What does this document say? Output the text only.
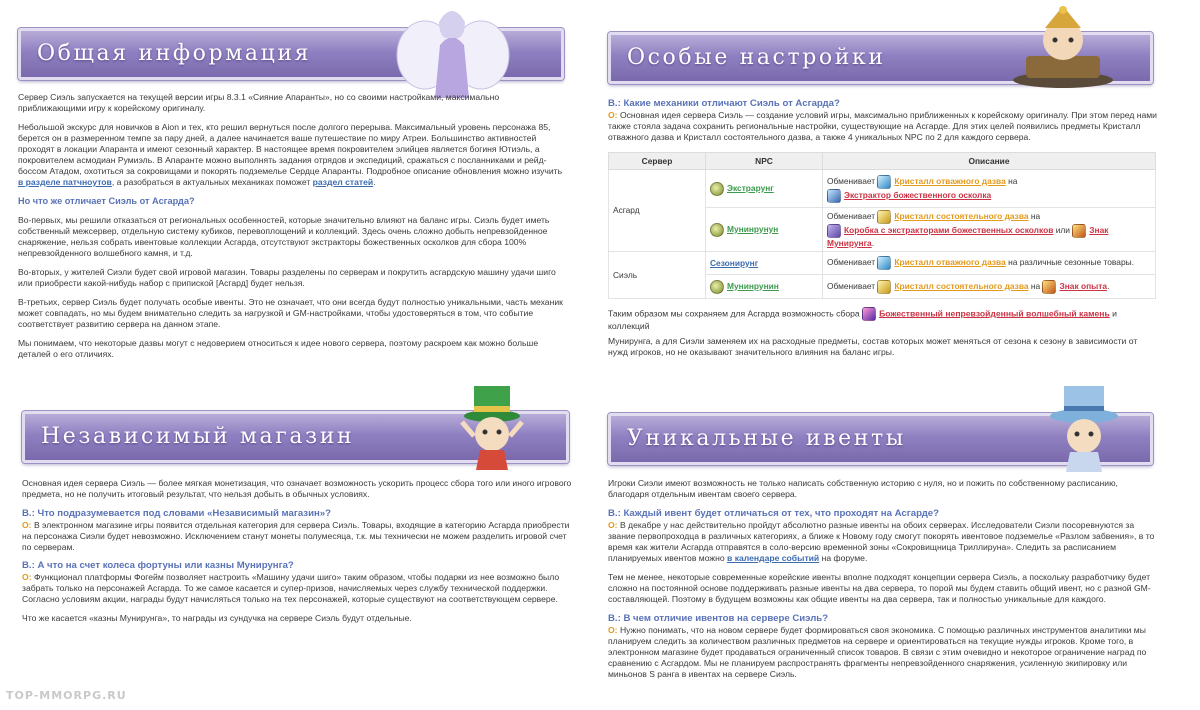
Общая информация

Сервер Сиэль запускается на текущей версии игры 8.3.1 «Сияние Апаранты», но со своими настройками, максимально приближающими игру к корейскому оригиналу.

Небольшой экскурс для новичков в Aion и тех, кто решил вернуться после долгого перерыва. Максимальный уровень персонажа 85, берется он в размеренном темпе за пару дней, а далее начинается ваше путешествие по миру Атреи. Большинство активностей проходят в локации Апаранта и имеют сезонный характер. В настоящее время покровителем элийцев является богиня Ютиэль, а покровителем асмодиан Румиэль. В Апаранте можно выполнять задания отрядов и экспедиций, сражаться с посланниками и рейд-боссом Атадом, охотиться за сокровищами и покорять подземелье Сердце Апаранты. Подробное описание обновления можно изучить в разделе патчноутов, а разобраться в актуальных механиках поможет раздел статей.

Но что же отличает Сиэль от Асгарда?

Во-первых, мы решили отказаться от региональных особенностей, которые значительно влияют на баланс игры. Сиэль будет иметь собственный межсервер, отдельную систему кубиков, перевоплощений и коллекций. Здесь очень сложно добыть непревзойденное снаряжение, нельзя собрать ивентовые коллекции Асгарда, отсутствуют экстракторы божественных осколков для сбора 100% непревзойденного волшебного камня, и т.д.

Во-вторых, у жителей Сиэли будет свой игровой магазин. Товары разделены по серверам и покрутить асгардскую машину удачи шиго или приобрести какой-нибудь набор с припиской [Асгард] будет нельзя.

В-третьих, сервер Сиэль будет получать особые ивенты. Это не означает, что они всегда будут полностью уникальными, часть механик может совпадать, но мы будем внимательно следить за нагрузкой и GM-настройками, чтобы удостоверяться в том, что событие соответствует развитию сервера на данном этапе.

Мы понимаем, что некоторые дазвы могут с недоверием относиться к идее нового сервера, поэтому раскроем как можно больше деталей о его отличиях.

Особые настройки

В.: Какие механики отличают Сиэль от Асгарда?

О: Основная идея сервера Сиэль — создание условий игры, максимально приближенных к корейскому оригиналу. При этом перед нами также стояла задача сохранить региональные настройки, существующие на Асгарде. Для этих целей появились предметы Кристалл отважного дазва и Кристалл состоятельного дазва, а также 4 уникальных NPC по 2 для каждого сервера.

Сервер	NPC	Описание
Асгард	Экстрарунг	Обменивает Кристалл отважного дазва на
Экстрактор божественного осколка
	Мунинрунун	Обменивает Кристалл состоятельного дазва на
Коробка с экстракторами божественных осколков или Знак Мунирунга.
Сиэль	Сезонирунг	Обменивает Кристалл отважного дазва на различные сезонные товары.
	Мунинрунин	Обменивает Кристалл состоятельного дазва на Знак опыта.

Таким образом мы сохраняем для Асгарда возможность сбора Божественный непревзойденный волшебный камень и коллекций

Мунирунга, а для Сиэли заменяем их на расходные предметы, состав которых может меняться от сезона к сезону в зависимости от нужд игроков, но не оказывают значительного влияния на баланс игры.

Независимый магазин

Основная идея сервера Сиэль — более мягкая монетизация, что означает возможность ускорить процесс сбора того или иного игрового предмета, но не получить итоговый результат, что нельзя добыть в обычных условиях.

В.: Что подразумевается под словами «Независимый магазин»?

О: В электронном магазине игры появится отдельная категория для сервера Сиэль. Товары, входящие в категорию Асгарда приобрести на персонажа Сиэли будет невозможно. Исключением станут монеты полумесяца, т.к. мы технически не можем разделить игровой счет по серверам.

В.: А что на счет колеса фортуны или казны Мунирунга?

О: Функционал платформы Фогейм позволяет настроить «Машину удачи шиго» таким образом, чтобы подарки из нее возможно было забрать только на персонажей Асгарда. То же самое касается и супер-призов, начисляемых через службу технической поддержки. Согласно условиям акции, награды будут начисляться только на тех персонажей, которые существуют на соответствующем сервере.

Что же касается «казны Мунирунга», то награды из сундучка на сервере Сиэль будут отдельные.

Уникальные ивенты

Игроки Сиэли имеют возможность не только написать собственную историю с нуля, но и пожить по собственному расписанию, благодаря отдельным ивентам своего сервера.

В.: Каждый ивент будет отличаться от тех, что проходят на Асгарде?

О: В декабре у нас действительно пройдут абсолютно разные ивенты на обоих серверах. Исследователи Сиэли посоревнуются за звание первопроходца в различных категориях, а ближе к Новому году смогут покорять ивентовое подземелье «Разлом забвения», в то время как жители Асгарда отправятся в соло-версию временной зоны «Сокровищница Триллируна». Следить за расписанием планируемых ивентов можно в календаре событий на форуме.

Тем не менее, некоторые современные корейские ивенты вполне подходят концепции сервера Сиэль, а поскольку разработчику будет сложно на постоянной основе поддерживать разные ивенты на два сервера, то порой мы будем ставить общий ивент, но с разной GM-составляющей. Поэтому в будущем возможны как общие ивенты на два сервера, так и полностью уникальные для каждого.

В.: В чем отличие ивентов на сервере Сиэль?

О: Нужно понимать, что на новом сервере будет формироваться своя экономика. С помощью различных инструментов аналитики мы планируем следить за количеством различных предметов на сервере и ориентироваться на текущие нужды игроков. Кроме того, в электронном магазине будет продаваться ограниченный список товаров. В связи с этим очевидно и некоторое ограничение наград по сравнению с Асгардом. Мы не планируем распространять фрагменты непревзойденного снаряжения, усиленную экипировку или миньонов S ранга в ивентах на сервере Сиэль.

TOP-MMORPG.RU
